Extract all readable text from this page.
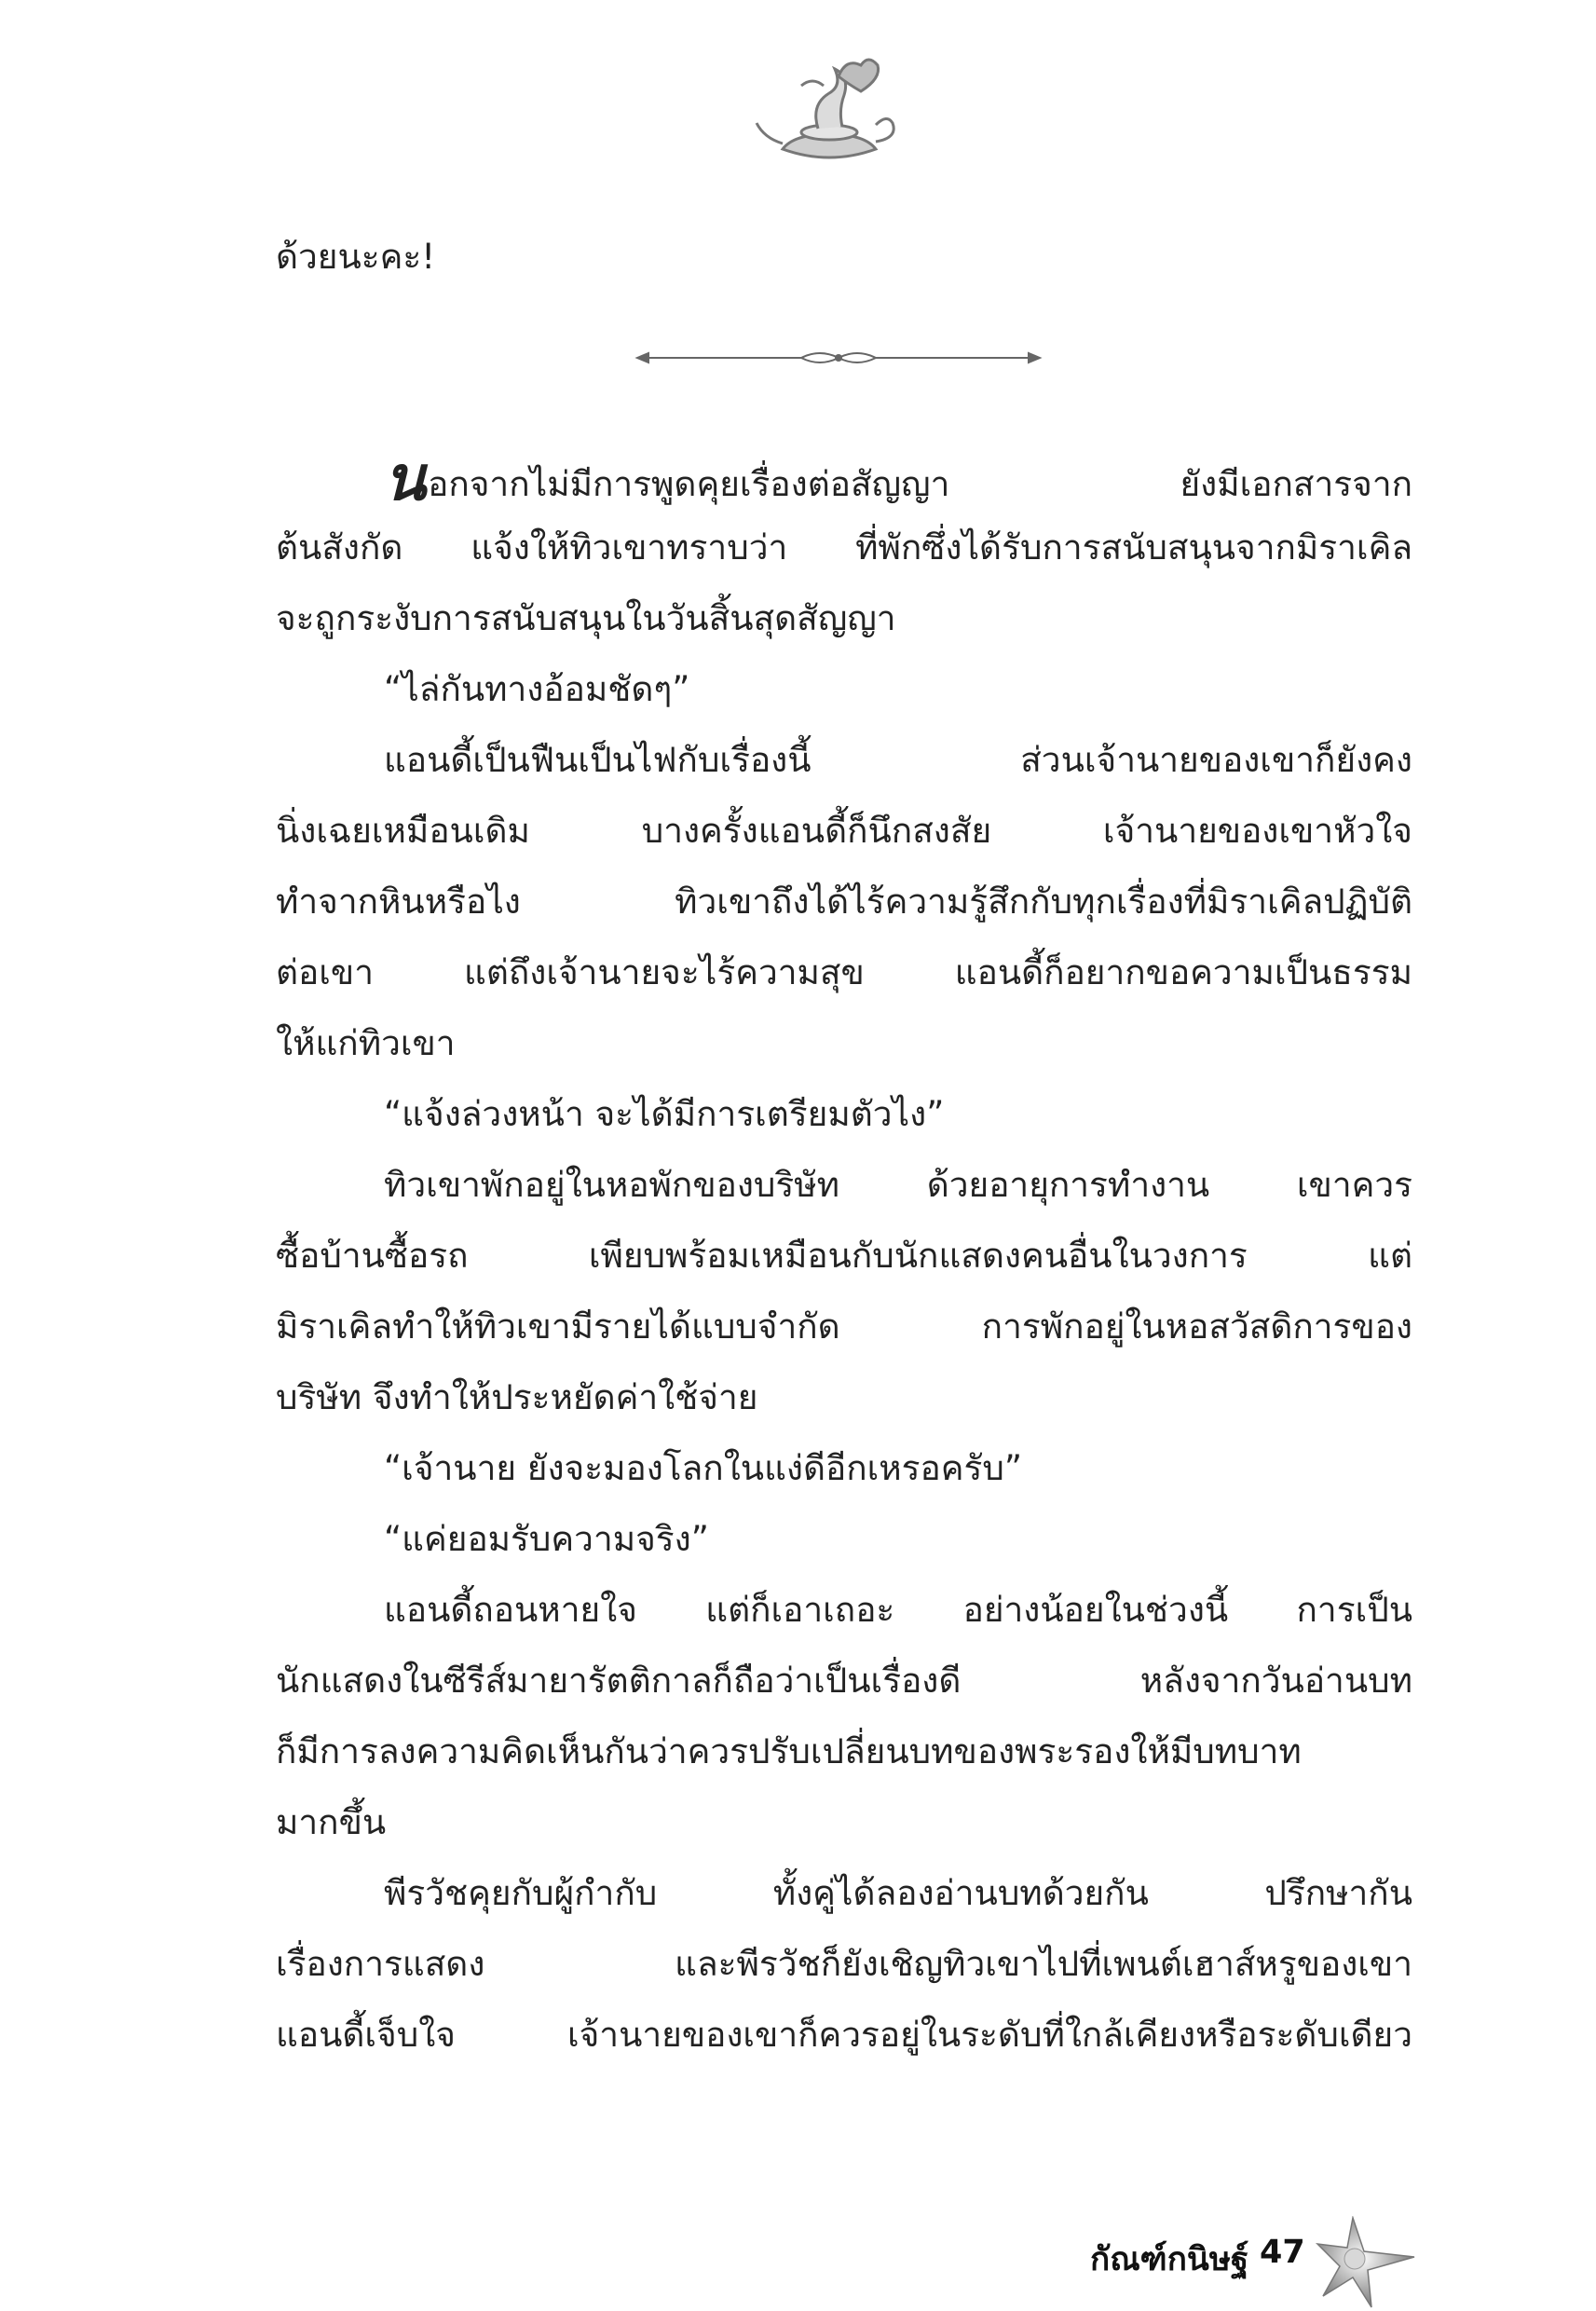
ด้วยนะคะ!
นอกจากไม่มีการพูดคุยเรื่องต่อสัญญา ยังมีเอกสารจาก
ต้นสังกัด แจ้งให้ทิวเขาทราบว่า ที่พักซึ่งได้รับการสนับสนุนจากมิราเคิล
จะถูกระงับการสนับสนุนในวันสิ้นสุดสัญญา
“ไล่กันทางอ้อมชัดๆ”
แอนดี้เป็นฟืนเป็นไฟกับเรื่องนี้ ส่วนเจ้านายของเขาก็ยังคง
นิ่งเฉยเหมือนเดิม บางครั้งแอนดี้ก็นึกสงสัย เจ้านายของเขาหัวใจ
ทำจากหินหรือไง ทิวเขาถึงได้ไร้ความรู้สึกกับทุกเรื่องที่มิราเคิลปฏิบัติ
ต่อเขา แต่ถึงเจ้านายจะไร้ความสุข แอนดี้ก็อยากขอความเป็นธรรม
ให้แก่ทิวเขา
“แจ้งล่วงหน้า จะได้มีการเตรียมตัวไง”
ทิวเขาพักอยู่ในหอพักของบริษัท ด้วยอายุการทำงาน เขาควร
ซื้อบ้านซื้อรถ เพียบพร้อมเหมือนกับนักแสดงคนอื่นในวงการ แต่
มิราเคิลทำให้ทิวเขามีรายได้แบบจำกัด การพักอยู่ในหอสวัสดิการของ
บริษัท จึงทำให้ประหยัดค่าใช้จ่าย
“เจ้านาย ยังจะมองโลกในแง่ดีอีกเหรอครับ”
“แค่ยอมรับความจริง”
แอนดี้ถอนหายใจ แต่ก็เอาเถอะ อย่างน้อยในช่วงนี้ การเป็น
นักแสดงในซีรีส์มายารัตติกาลก็ถือว่าเป็นเรื่องดี หลังจากวันอ่านบท
ก็มีการลงความคิดเห็นกันว่าควรปรับเปลี่ยนบทของพระรองให้มีบทบาท
มากขึ้น
พีรวัชคุยกับผู้กำกับ ทั้งคู่ได้ลองอ่านบทด้วยกัน ปรึกษากัน
เรื่องการแสดง และพีรวัชก็ยังเชิญทิวเขาไปที่เพนต์เฮาส์หรูของเขา
แอนดี้เจ็บใจ เจ้านายของเขาก็ควรอยู่ในระดับที่ใกล้เคียงหรือระดับเดียว
กัณฑ์กนิษฐ์ 47
